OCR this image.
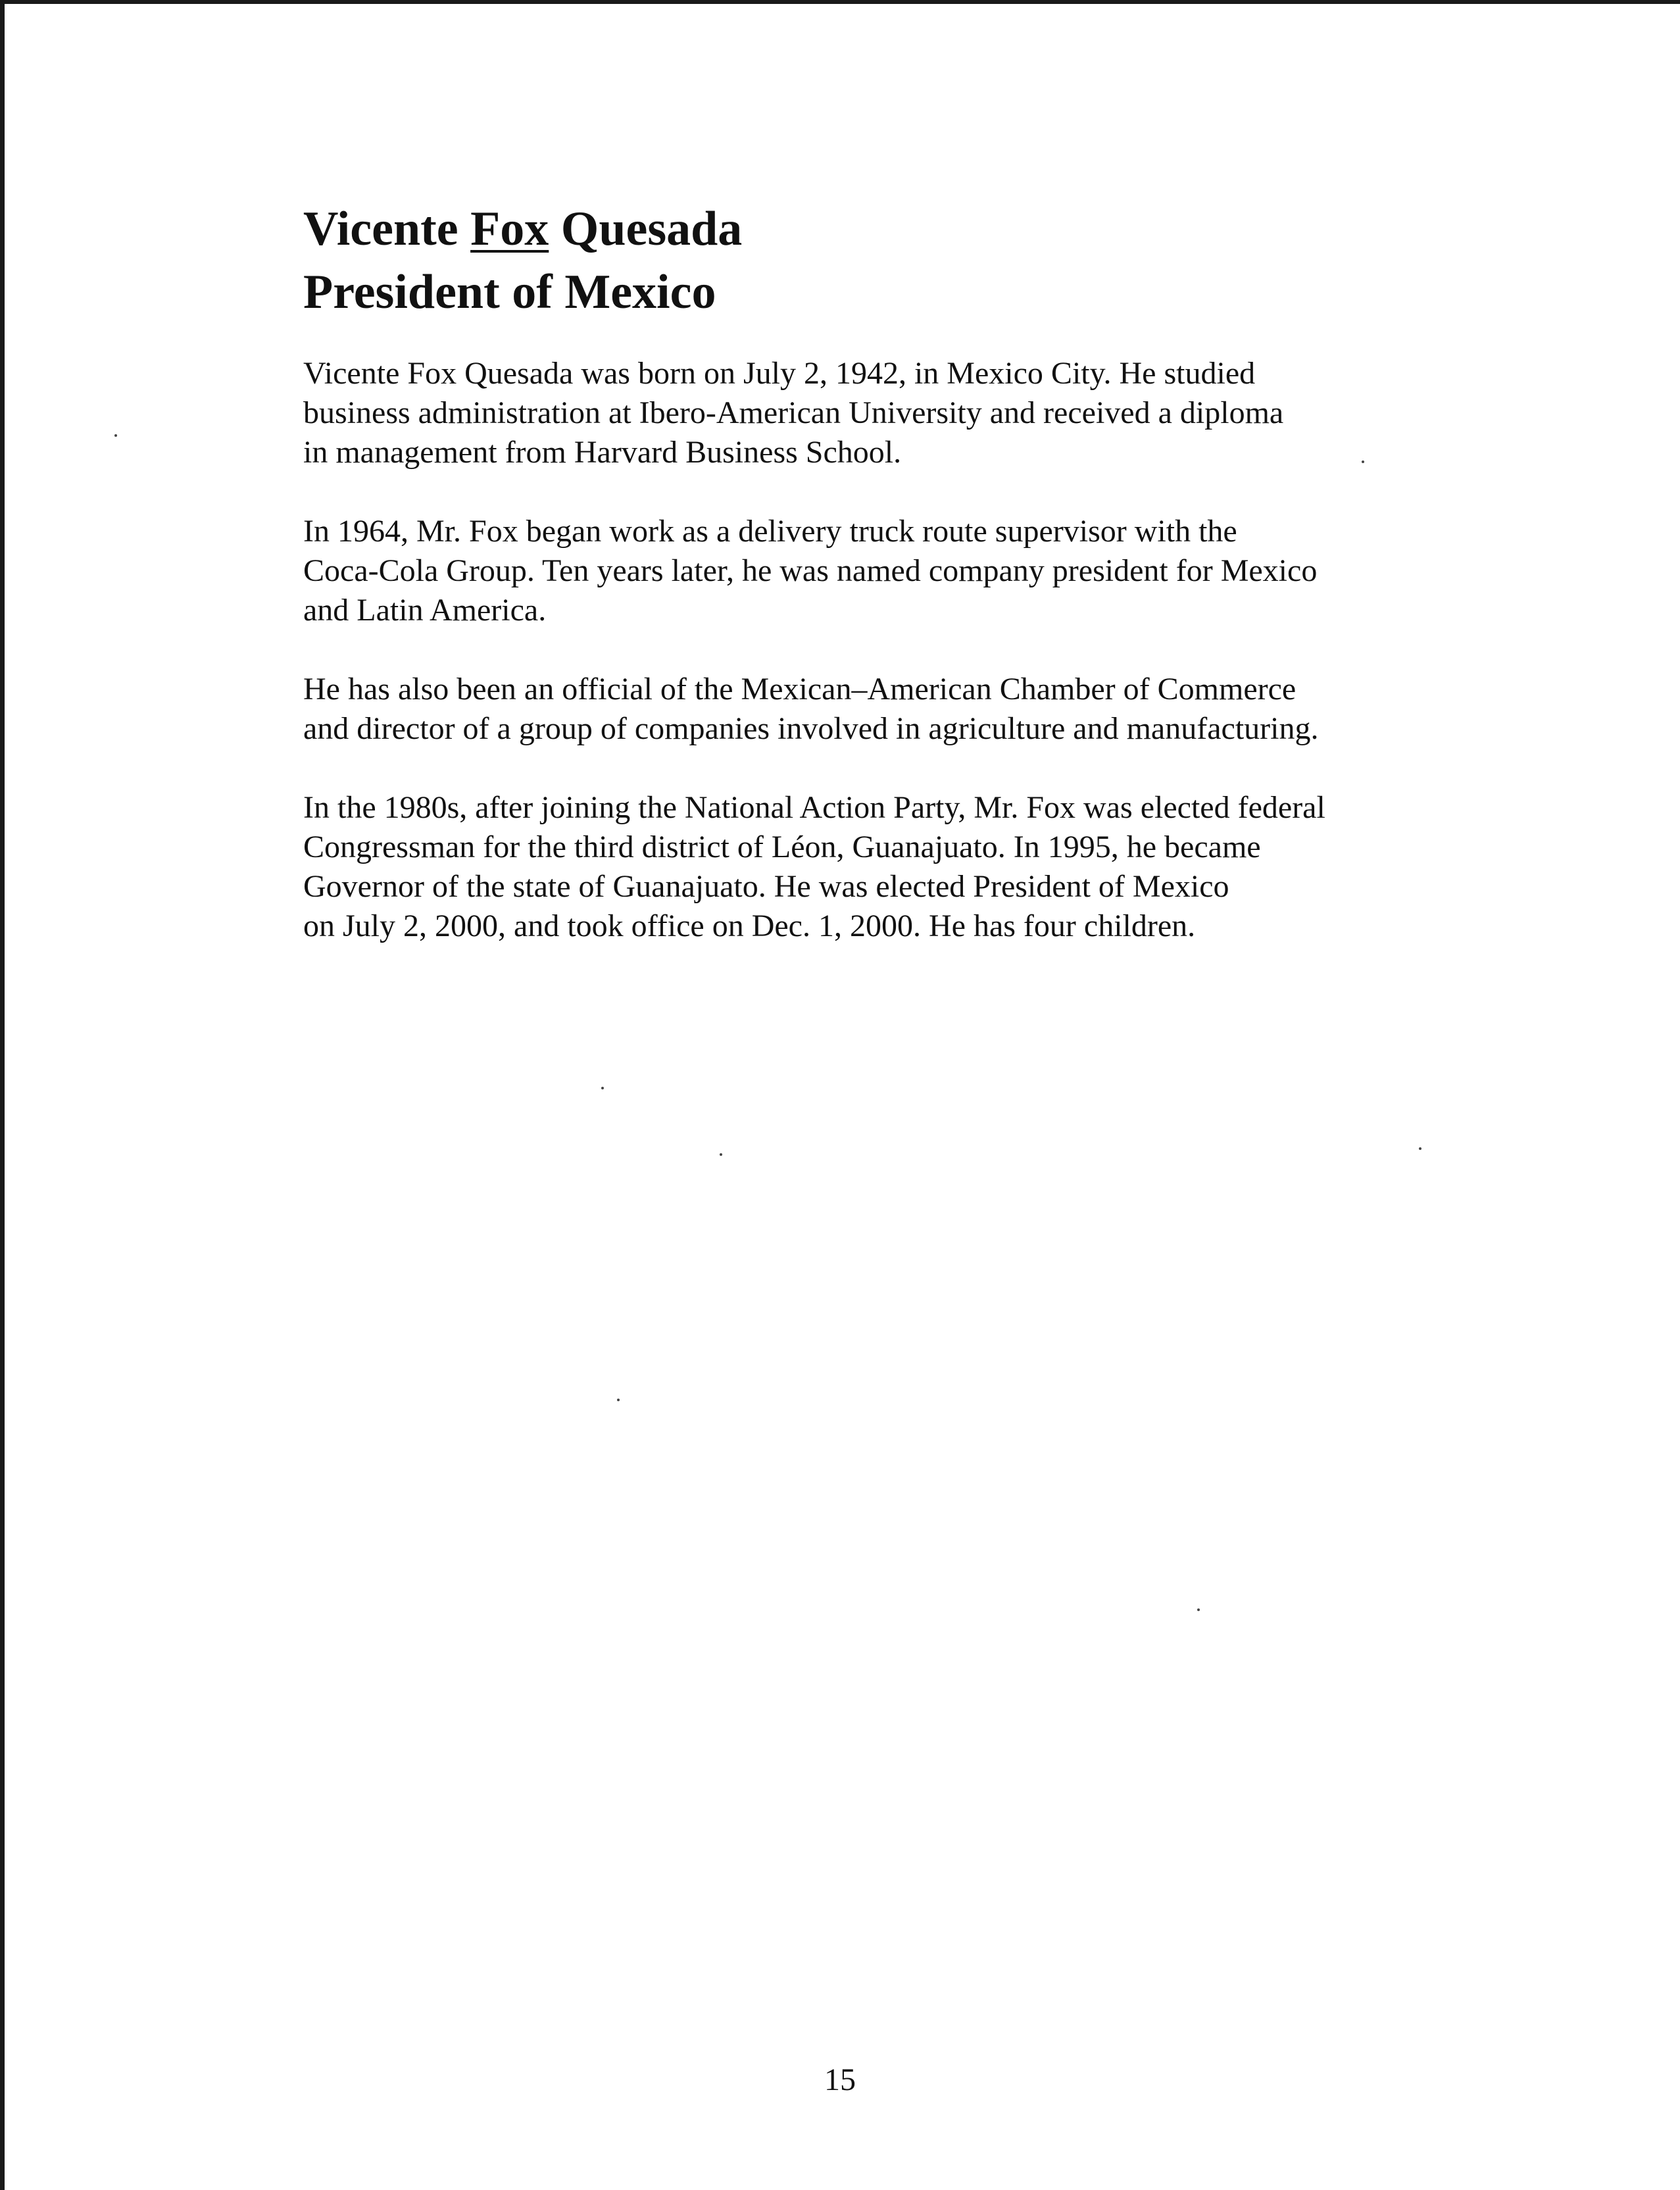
Vicente Fox Quesada
President of Mexico

Vicente Fox Quesada was born on July 2, 1942, in Mexico City. He studied
business administration at Ibero-American University and received a diploma
in management from Harvard Business School.

In 1964, Mr. Fox began work as a delivery truck route supervisor with the
Coca-Cola Group. Ten years later, he was named company president for Mexico
and Latin America.

He has also been an official of the Mexican–American Chamber of Commerce
and director of a group of companies involved in agriculture and manufacturing.

In the 1980s, after joining the National Action Party, Mr. Fox was elected federal
Congressman for the third district of Léon, Guanajuato. In 1995, he became
Governor of the state of Guanajuato. He was elected President of Mexico
on July 2, 2000, and took office on Dec. 1, 2000. He has four children.

15
